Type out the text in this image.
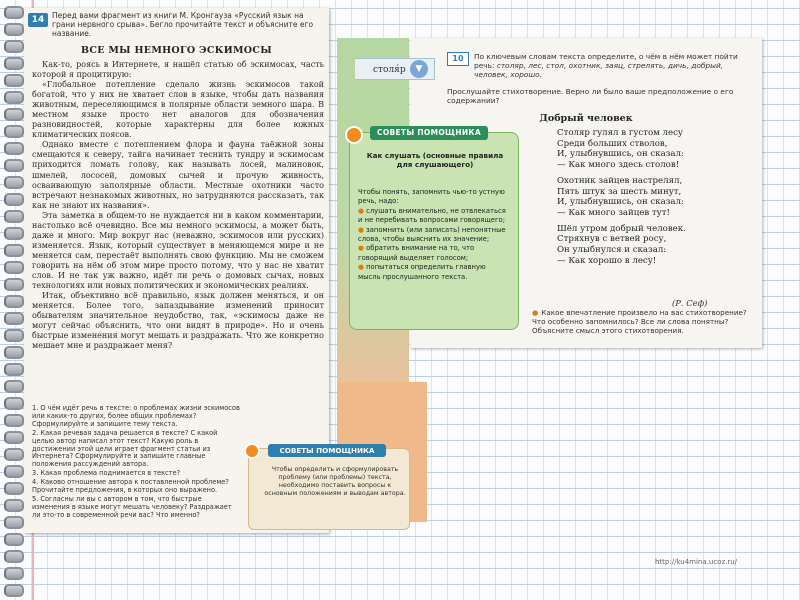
14	Перед вами фрагмент из книги М. Кронгауза «Русский язык на грани нервного срыва». Бегло прочитайте текст и объясните его название.
ВСЕ МЫ НЕМНОГО ЭСКИМОСЫ

Как-то, роясь в Интернете, я нашёл статью об эскимосах, часть которой я процитирую:

«Глобальное потепление сделало жизнь эскимосов такой богатой, что у них не хватает слов в языке, чтобы дать названия животным, переселяющимся в полярные области земного шара. В местном языке просто нет аналогов для обозначения разновидностей, которые характерны для более южных климатических поясов.

Однако вместе с потеплением флора и фауна таёжной зоны смещаются к северу, тайга начинает теснить тундру и эскимосам приходится ломать голову, как называть лосей, малиновок, шмелей, лососей, домовых сычей и прочую живность, осваивающую заполярные области. Местные охотники часто встречают незнакомых животных, но затрудняются рассказать, так как не знают их названия».

Эта заметка в общем-то не нуждается ни в каком комментарии, настолько всё очевидно. Все мы немного эскимосы, а может быть, даже и много. Мир вокруг нас (неважно, эскимосов или русских) изменяется. Язык, который существует в меняющемся мире и не меняется сам, перестаёт выполнять свою функцию. Мы не сможем говорить на нём об этом мире просто потому, что у нас не хватит слов. И не так уж важно, идёт ли речь о домовых сычах, новых технологиях или новых политических и экономических реалиях.

Итак, объективно всё правильно, язык должен меняться, и он меняется. Более того, запаздывание изменений приносит обывателям значительное неудобство, так, «эскимосы даже не могут сейчас объяснить, что они видят в природе». Но и очень быстрые изменения могут мешать и раздражать. Что же конкретно мешает мне и раздражает меня?

1. О чём идёт речь в тексте: о проблемах жизни эскимосов или каких-то других, более общих проблемах? Сформулируйте и запишите тему текста.
2. Какая речевая задача решается в тексте? С какой целью автор написал этот текст? Какую роль в достижении этой цели играет фрагмент статьи из Интернета? Сформулируйте и запишите главные положения рассуждений автора.
3. Какая проблема поднимается в тексте?
4. Каково отношение автора к поставленной проблеме? Прочитайте предложения, в которых оно выражено.
5. Согласны ли вы с автором в том, что быстрые изменения в языке могут мешать человеку? Раздражает ли это-то в современной речи вас? Что именно?
столя́р	▼
10	По ключевым словам текста определите, о чём в нём может пойти речь: столяр, лес, стол, охотник, заяц, стрелять, дичь, добрый, человек, хорошо.
Прослушайте стихотворение. Верно ли было ваше предположение о его содержании?
Добрый человек
Столяр гулял в густом лесу
Среди больших стволов,
И, улыбнувшись, он сказал:
— Как много здесь столов!
Охотник зайцев настрелял,
Пять штук за шесть минут,
И, улыбнувшись, он сказал:
— Как много зайцев тут!
Шёл утром добрый человек.
Стряхнув с ветвей росу,
Он улыбнулся и сказал:
— Как хорошо в лесу!
(Р. Сеф)
● Какое впечатление произвело на вас стихотворение? Что особенно запомнилось? Все ли слова понятны? Объясните смысл этого стихотворения.
СОВЕТЫ ПОМОЩНИКА
Как слушать (основные правила для слушающего)
Чтобы понять, запомнить чью-то устную речь, надо:
● слушать внимательно, не отвлекаться и не перебивать вопросами говорящего;
● запомнить (или записать) непонятные слова, чтобы выяснить их значение;
● обратить внимание на то, что говорящий выделяет голосом;
● попытаться определить главную мысль прослушанного текста.
СОВЕТЫ ПОМОЩНИКА
Чтобы определить и сформулировать проблему (или проблемы) текста, необходимо поставить вопросы к основным положениям и выводам автора.
http://ku4mina.ucoz.ru/
